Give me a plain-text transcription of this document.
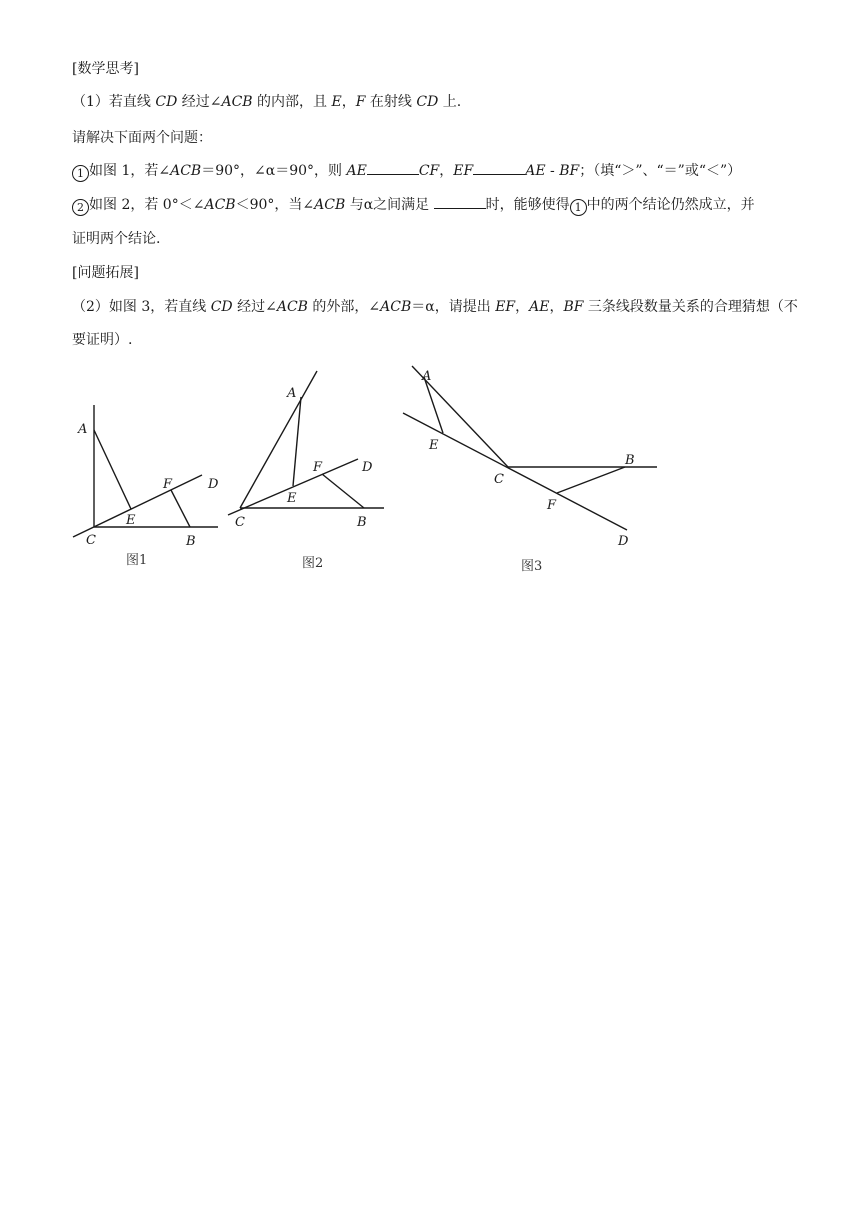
[数学思考]
（1）若直线 CD 经过∠ACB 的内部，且 E，F 在射线 CD 上.
请解决下面两个问题：
1 如图 1，若∠ACB＝90°，∠α＝90°，则 AE	CF，EF	AE - BF；（填“＞”、“＝”或“＜”）
2 如图 2，若 0°＜∠ACB＜90°，当∠ACB 与α之间满足	时，能够使得 1 中的两个结论仍然成立，并
证明两个结论.
[问题拓展]
（2）如图 3，若直线 CD 经过∠ACB 的外部，∠ACB＝α，请提出 EF，AE，BF 三条线段数量关系的合理猜想（不
要证明）.
A
C
E
F	D
B
图1
A
C
E
F	D
B
图2
A
E
C
B
F
D
图3
